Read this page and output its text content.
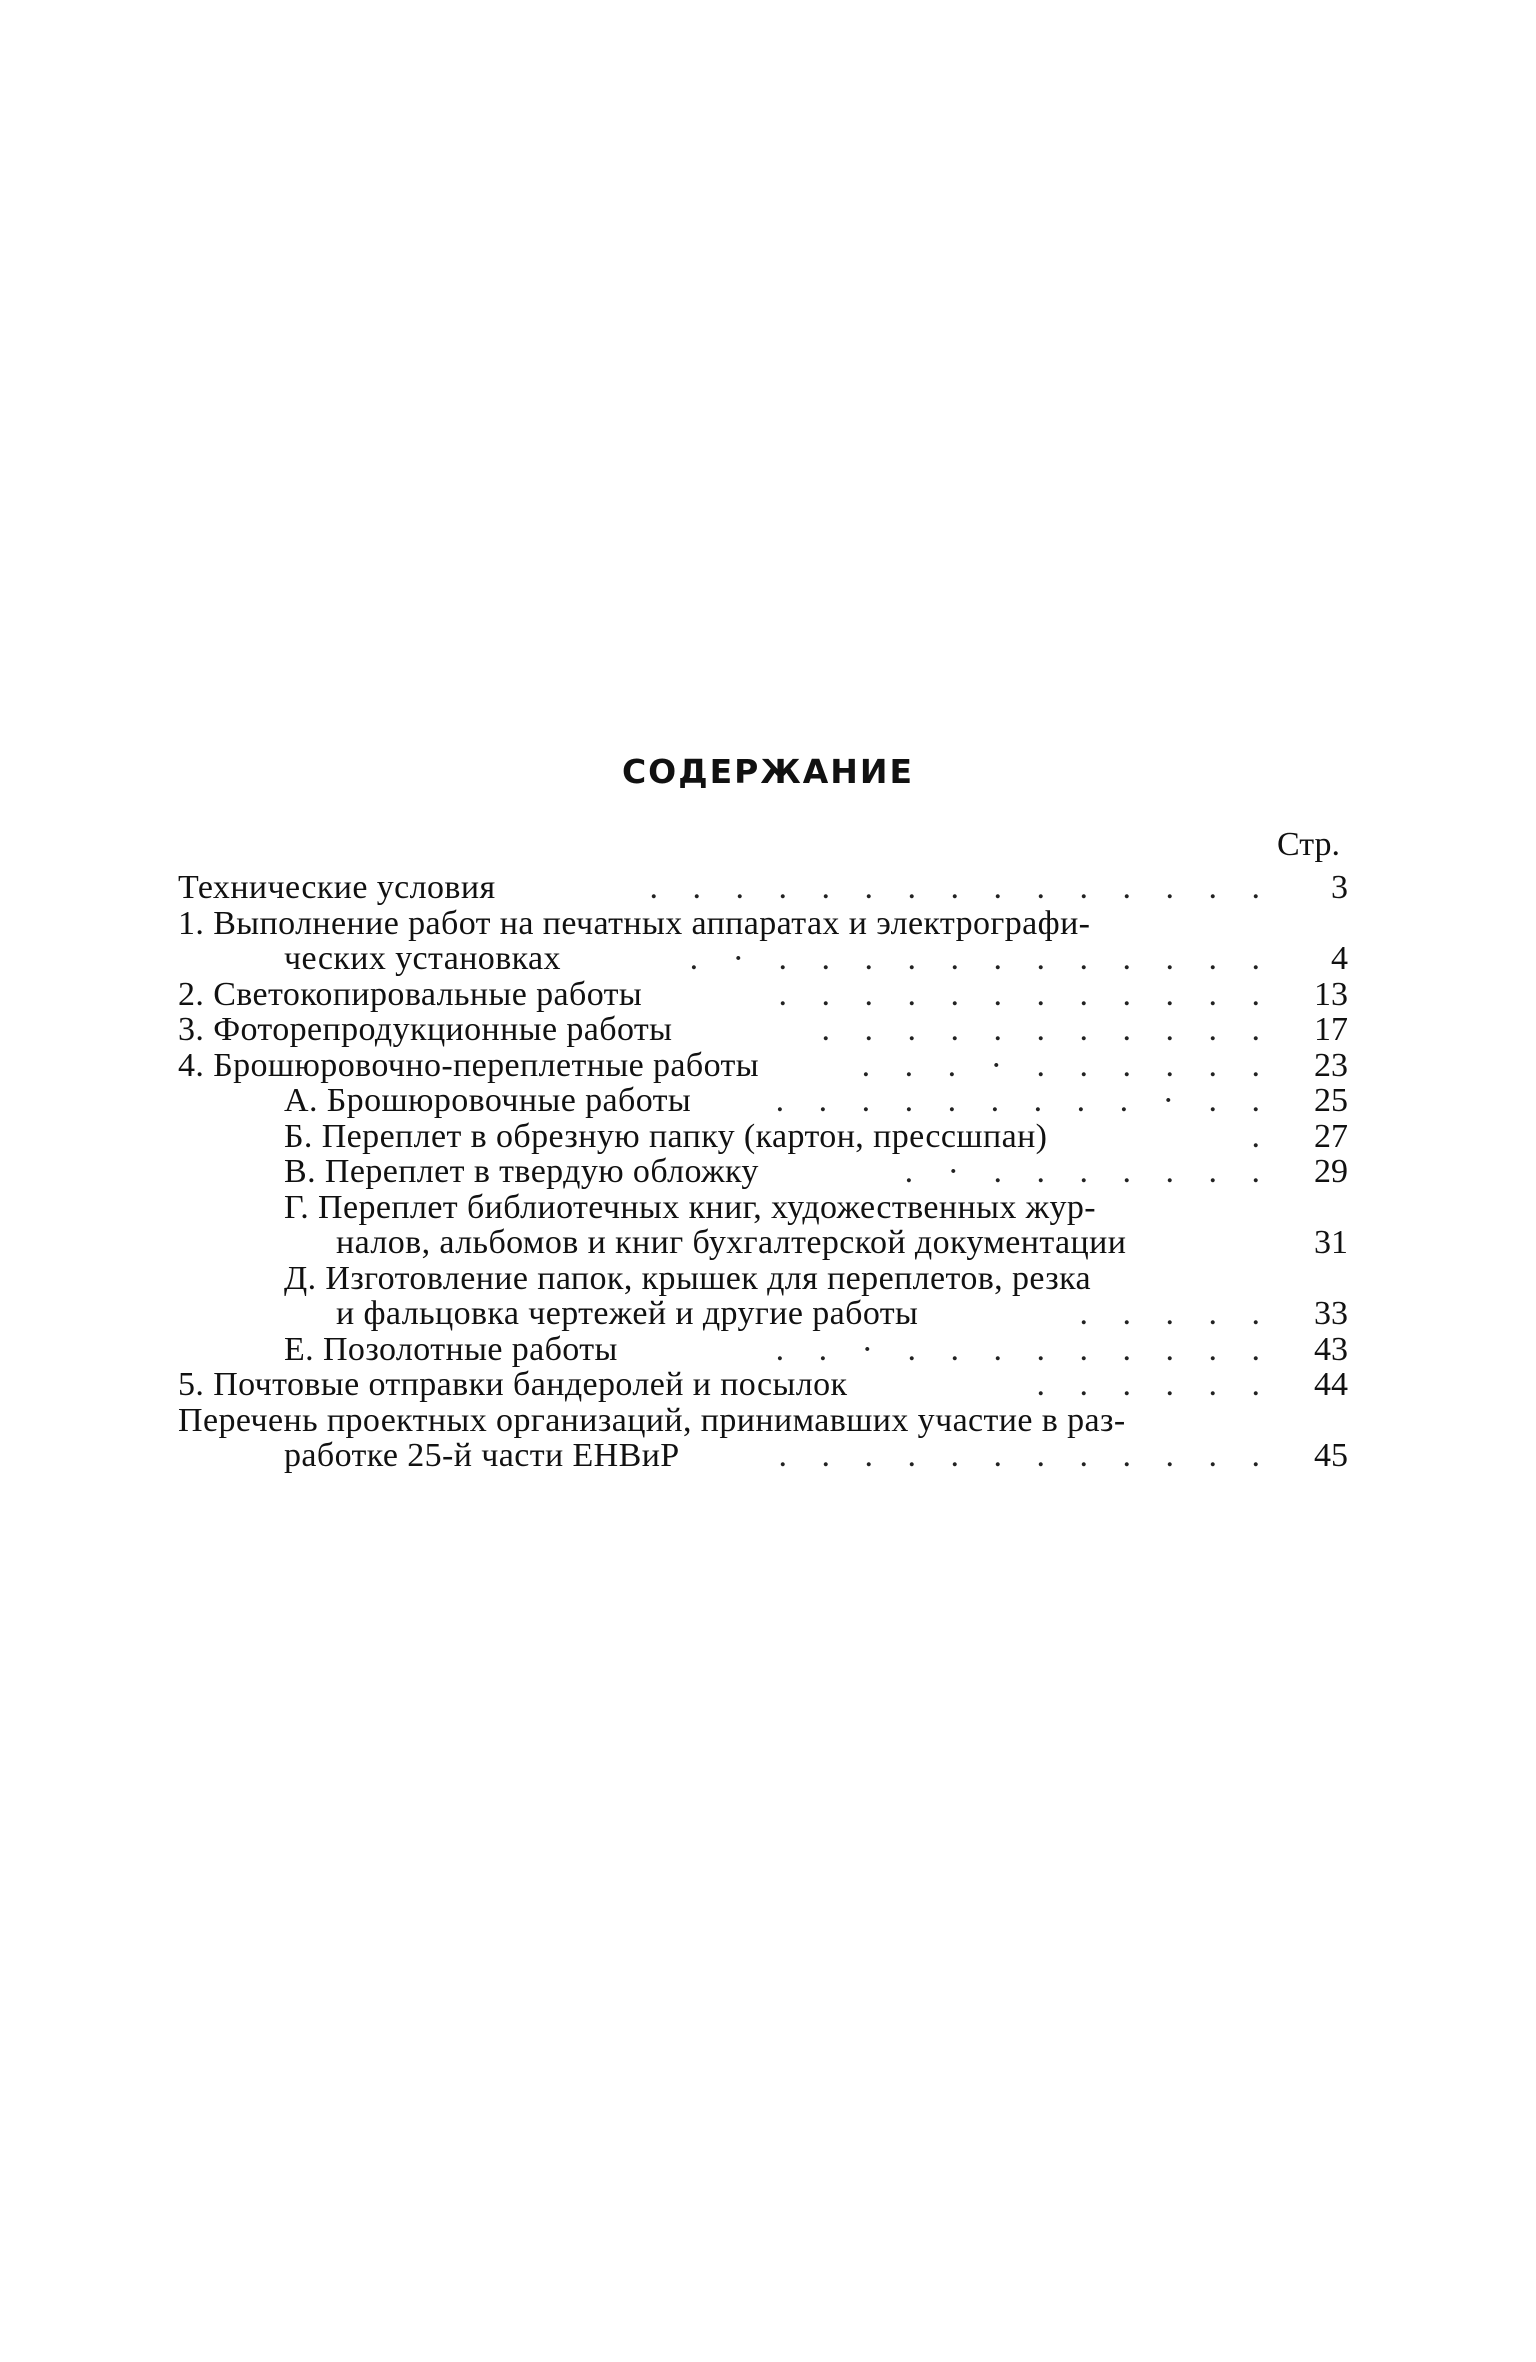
СОДЕРЖАНИЕ
Стр.
Технические условия	. . . . . . . . . . . . . . .	3
1. Выполнение работ на печатных аппаратах и электрографи-
ческих установках	. · . . . . . . . . . . . .	4
2. Светокопировальные работы	. . . . . . . . . . . .	13
3. Фоторепродукционные работы	. . . . . . . . . . .	17
4. Брошюровочно-переплетные работы	. . . · . . . . . .	23
А. Брошюровочные работы . . . . . . . . . · . .	25
Б. Переплет в обрезную папку (картон, прессшпан)	.	27
В. Переплет в твердую обложку	. · . . . . . . .	29
Г. Переплет библиотечных книг, художественных жур-
налов, альбомов и книг бухгалтерской документации	31
Д. Изготовление папок, крышек для переплетов, резка
и фальцовка чертежей и другие работы	. . . . .	33
Е. Позолотные работы	. . · . . . . . . . . .	43
5. Почтовые отправки бандеролей и посылок	. . . . . .	44
Перечень проектных организаций, принимавших участие в раз-
работке 25-й части ЕНВиР	. . . . . . . . . . . .	45
